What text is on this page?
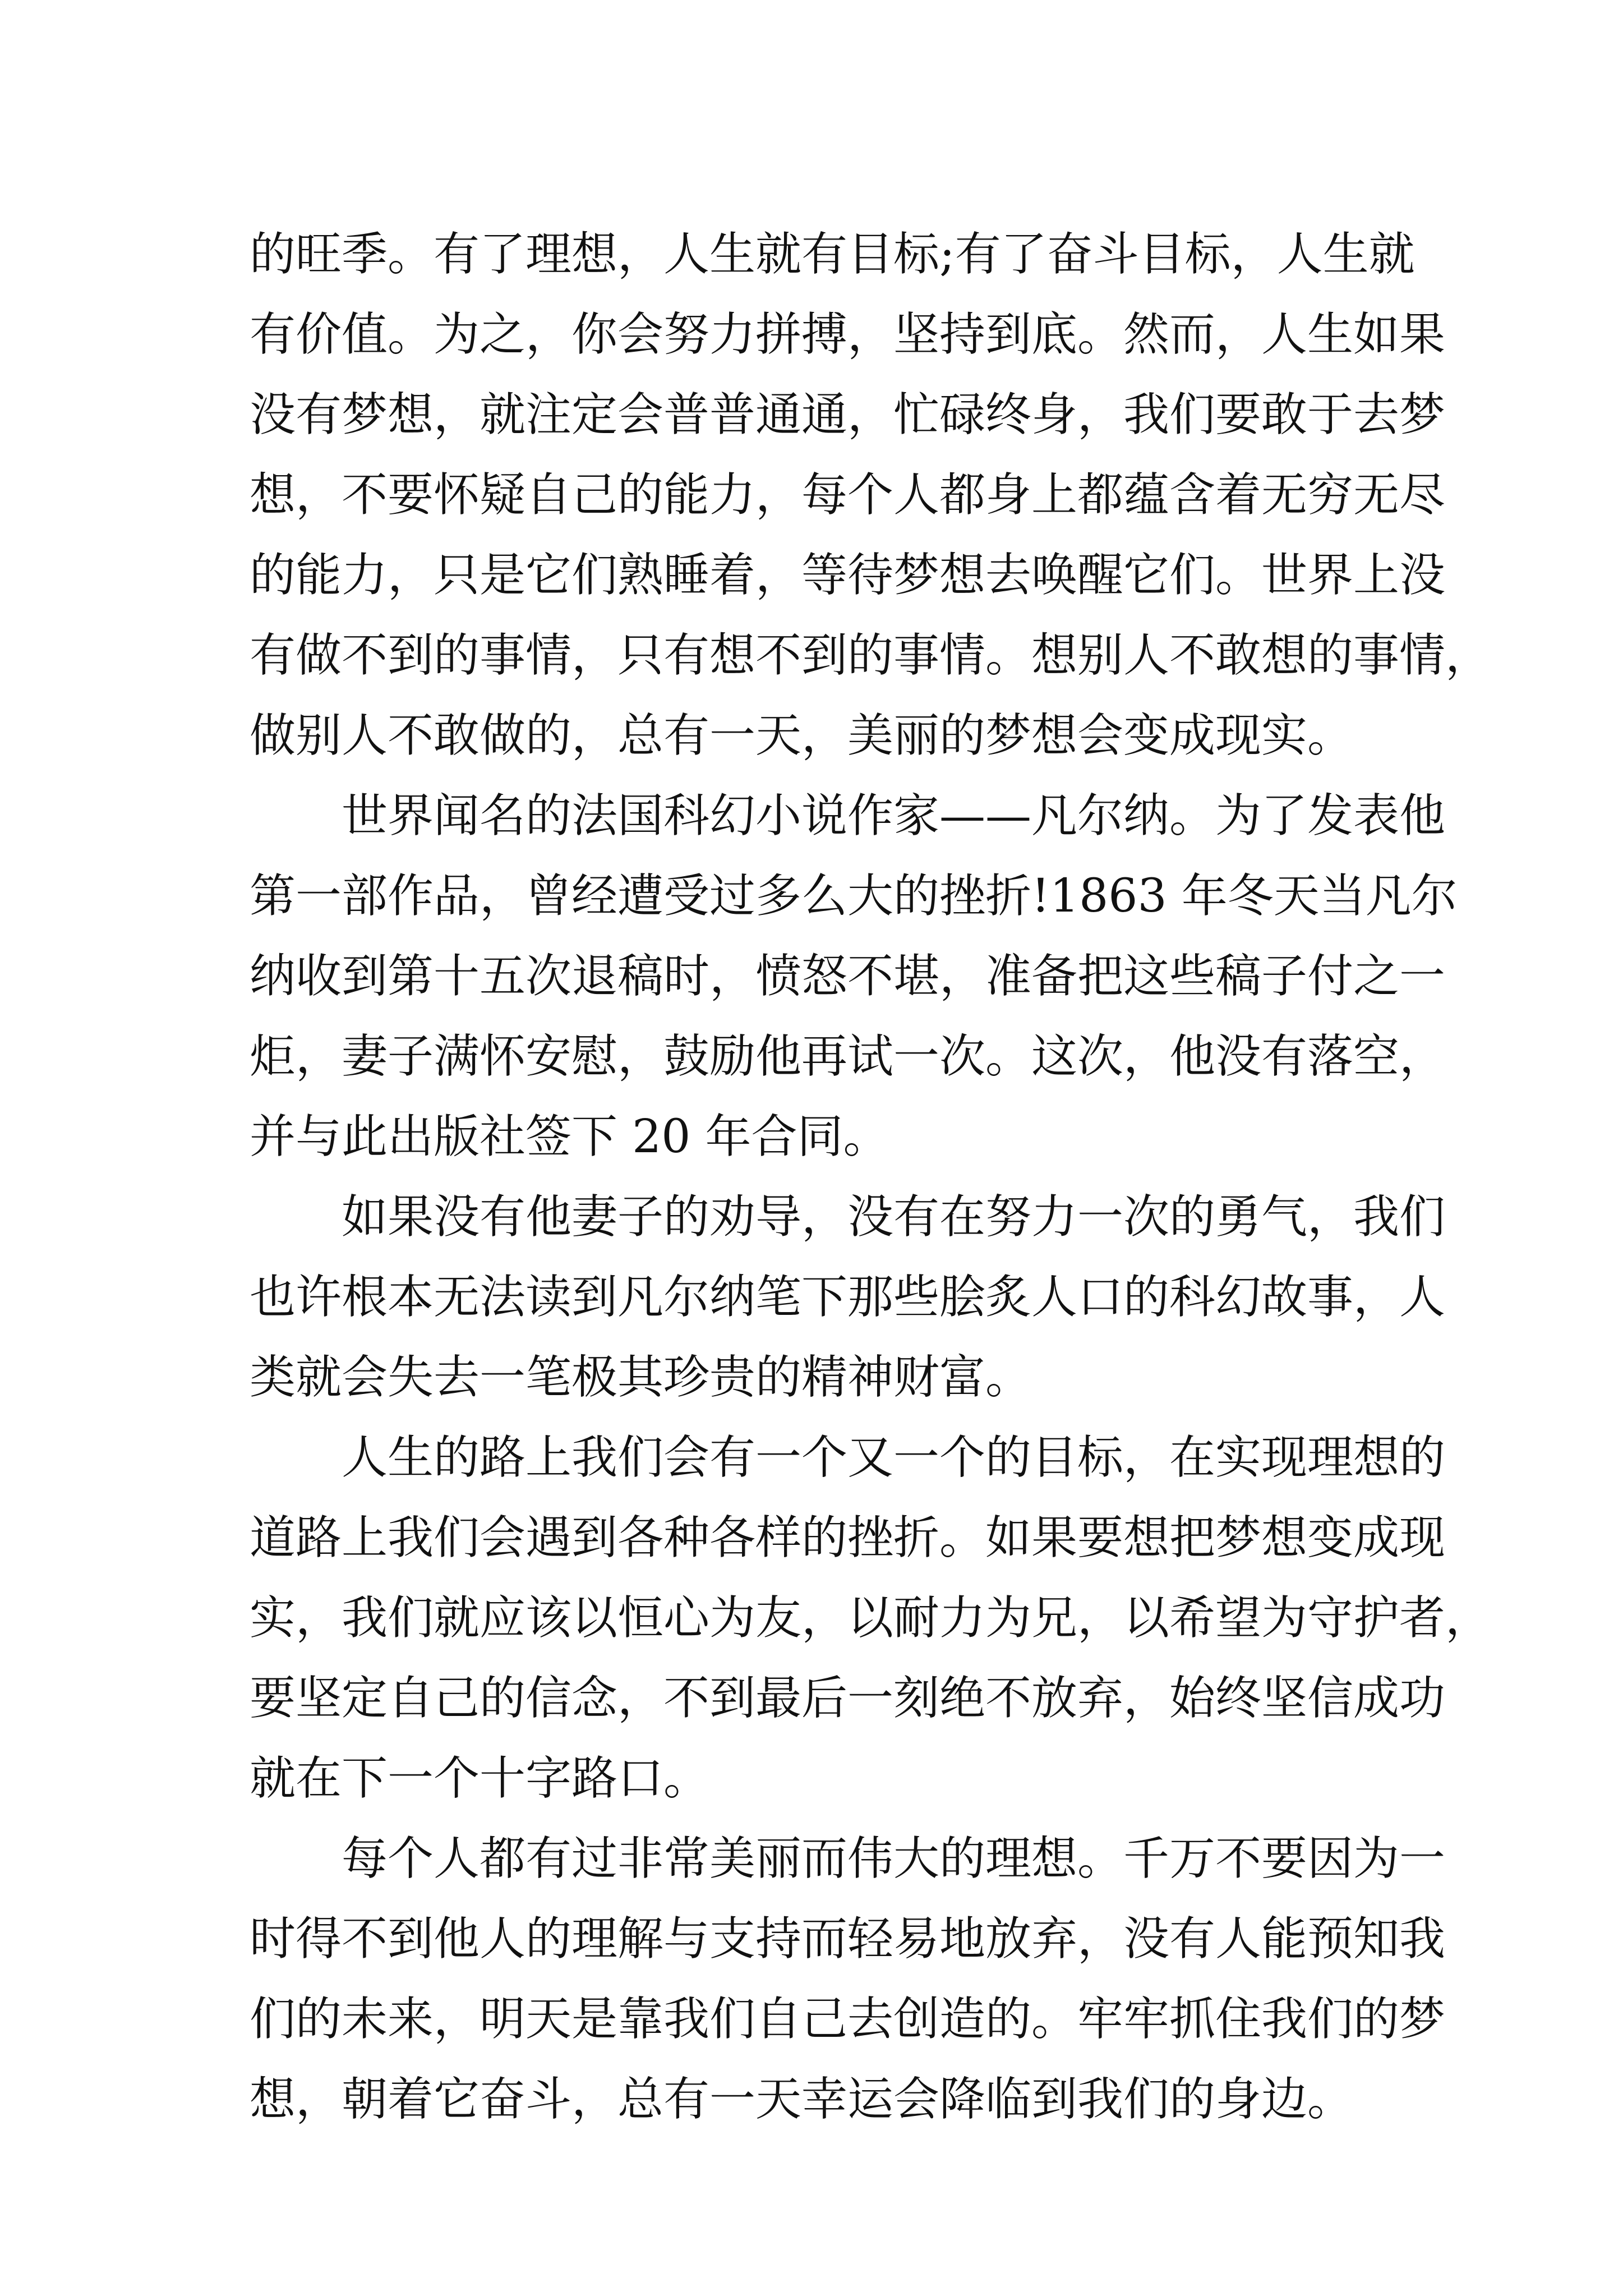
的旺季。有了理想，人生就有目标;有了奋斗目标，人生就
有价值。为之，你会努力拼搏，坚持到底。然而，人生如果
没有梦想，就注定会普普通通，忙碌终身，我们要敢于去梦
想，不要怀疑自己的能力，每个人都身上都蕴含着无穷无尽
的能力，只是它们熟睡着，等待梦想去唤醒它们。世界上没
有做不到的事情，只有想不到的事情。想别人不敢想的事情，
做别人不敢做的，总有一天，美丽的梦想会变成现实。
世界闻名的法国科幻小说作家——凡尔纳。为了发表他
第一部作品，曾经遭受过多么大的挫折!1863 年冬天当凡尔
纳收到第十五次退稿时，愤怒不堪，准备把这些稿子付之一
炬，妻子满怀安慰，鼓励他再试一次。这次，他没有落空，
并与此出版社签下 20 年合同。
如果没有他妻子的劝导，没有在努力一次的勇气，我们
也许根本无法读到凡尔纳笔下那些脍炙人口的科幻故事，人
类就会失去一笔极其珍贵的精神财富。
人生的路上我们会有一个又一个的目标，在实现理想的
道路上我们会遇到各种各样的挫折。如果要想把梦想变成现
实，我们就应该以恒心为友，以耐力为兄，以希望为守护者，
要坚定自己的信念，不到最后一刻绝不放弃，始终坚信成功
就在下一个十字路口。
每个人都有过非常美丽而伟大的理想。千万不要因为一
时得不到他人的理解与支持而轻易地放弃，没有人能预知我
们的未来，明天是靠我们自己去创造的。牢牢抓住我们的梦
想，朝着它奋斗，总有一天幸运会降临到我们的身边。
